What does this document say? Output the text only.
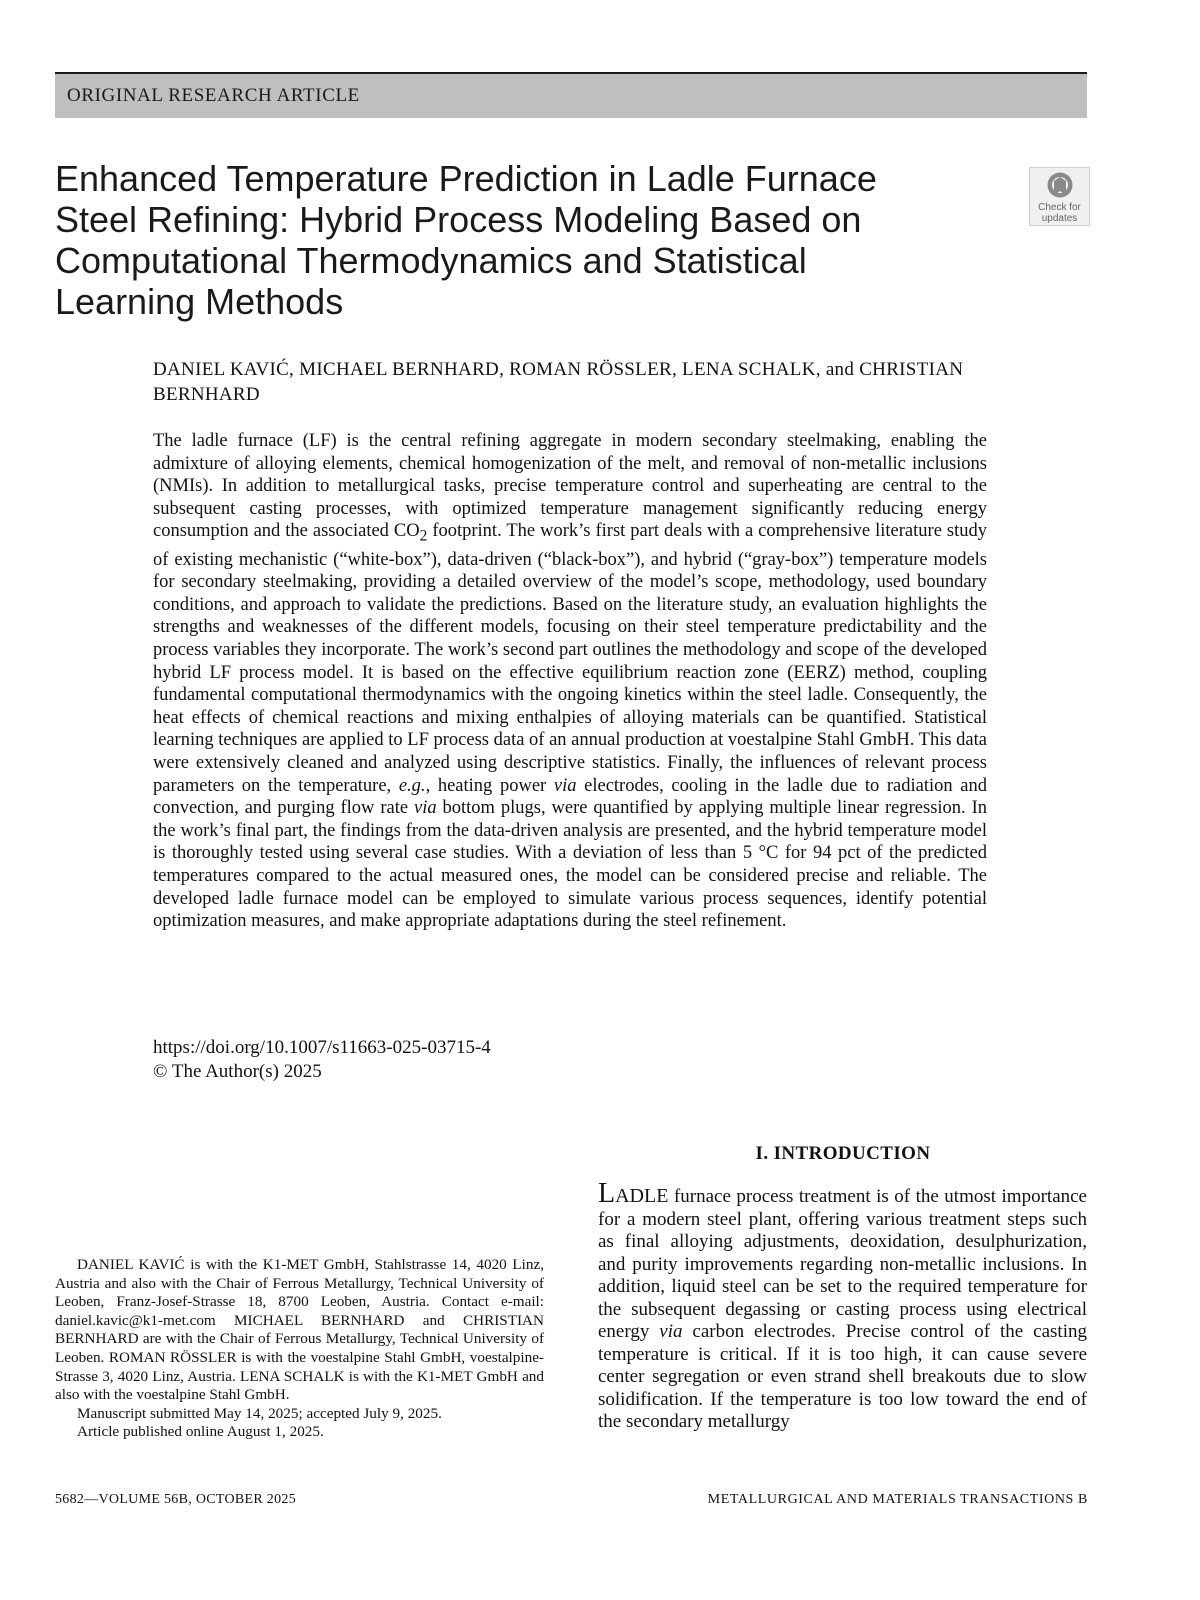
ORIGINAL RESEARCH ARTICLE
Enhanced Temperature Prediction in Ladle Furnace Steel Refining: Hybrid Process Modeling Based on Computational Thermodynamics and Statistical Learning Methods
Check for updates
DANIEL KAVIĆ, MICHAEL BERNHARD, ROMAN RÖSSLER, LENA SCHALK, and CHRISTIAN BERNHARD

The ladle furnace (LF) is the central refining aggregate in modern secondary steelmaking, enabling the admixture of alloying elements, chemical homogenization of the melt, and removal of non-metallic inclusions (NMIs). In addition to metallurgical tasks, precise temperature control and superheating are central to the subsequent casting processes, with optimized temperature management significantly reducing energy consumption and the associated $CO_2$ footprint. The work’s first part deals with a comprehensive literature study of existing mechanistic (“white-box”), data-driven (“black-box”), and hybrid (“gray-box”) temperature models for secondary steelmaking, providing a detailed overview of the model’s scope, methodology, used boundary conditions, and approach to validate the predictions. Based on the literature study, an evaluation highlights the strengths and weaknesses of the different models, focusing on their steel temperature predictability and the process variables they incorporate. The work’s second part outlines the methodology and scope of the developed hybrid LF process model. It is based on the effective equilibrium reaction zone (EERZ) method, coupling fundamental computational thermodynamics with the ongoing kinetics within the steel ladle. Consequently, the heat effects of chemical reactions and mixing enthalpies of alloying materials can be quantified. Statistical learning techniques are applied to LF process data of an annual production at voestalpine Stahl GmbH. This data were extensively cleaned and analyzed using descriptive statistics. Finally, the influences of relevant process parameters on the temperature, e.g., heating power via electrodes, cooling in the ladle due to radiation and convection, and purging flow rate via bottom plugs, were quantified by applying multiple linear regression. In the work’s final part, the findings from the data-driven analysis are presented, and the hybrid temperature model is thoroughly tested using several case studies. With a deviation of less than 5 °C for 94 pct of the predicted temperatures compared to the actual measured ones, the model can be considered precise and reliable. The developed ladle furnace model can be employed to simulate various process sequences, identify potential optimization measures, and make appropriate adaptations during the steel refinement.

https://doi.org/10.1007/s11663-025-03715-4
© The Author(s) 2025
I. INTRODUCTION

LADLE furnace process treatment is of the utmost importance for a modern steel plant, offering various treatment steps such as final alloying adjustments, deoxidation, desulphurization, and purity improvements regarding non-metallic inclusions. In addition, liquid steel can be set to the required temperature for the subsequent degassing or casting process using electrical energy via carbon electrodes. Precise control of the casting temperature is critical. If it is too high, it can cause severe center segregation or even strand shell breakouts due to slow solidification. If the temperature is too low toward the end of the secondary metallurgy

DANIEL KAVIĆ is with the K1-MET GmbH, Stahlstrasse 14, 4020 Linz, Austria and also with the Chair of Ferrous Metallurgy, Technical University of Leoben, Franz-Josef-Strasse 18, 8700 Leoben, Austria. Contact e-mail: daniel.kavic@k1-met.com MICHAEL BERNHARD and CHRISTIAN BERNHARD are with the Chair of Ferrous Metallurgy, Technical University of Leoben. ROMAN RÖSSLER is with the voestalpine Stahl GmbH, voestalpine-Strasse 3, 4020 Linz, Austria. LENA SCHALK is with the K1-MET GmbH and also with the voestalpine Stahl GmbH.

Manuscript submitted May 14, 2025; accepted July 9, 2025.

Article published online August 1, 2025.

5682—VOLUME 56B, OCTOBER 2025	METALLURGICAL AND MATERIALS TRANSACTIONS B
